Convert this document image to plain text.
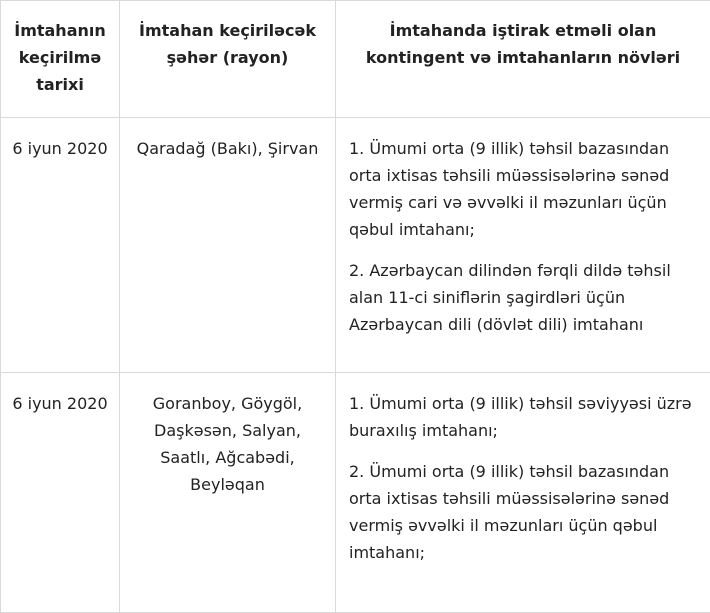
İmtahanın keçirilmə tarixi	İmtahan keçiriləcək şəhər (rayon)	İmtahanda iştirak etməli olan kontingent və imtahanların növləri
6 iyun 2020	Qaradağ (Bakı), Şirvan	1. Ümumi orta (9 illik) təhsil bazasından orta ixtisas təhsili müəssisələrinə sənəd vermiş cari və əvvəlki il məzunları üçün qəbul imtahanı;

2. Azərbaycan dilindən fərqli dildə təhsil alan 11-ci siniflərin şagirdləri üçün Azərbaycan dili (dövlət dili) imtahanı

6 iyun 2020	Goranboy, Göygöl, Daşkəsən, Salyan, Saatlı, Ağcabədi, Beyləqan	1. Ümumi orta (9 illik) təhsil səviyyəsi üzrə buraxılış imtahanı;

2. Ümumi orta (9 illik) təhsil bazasından orta ixtisas təhsili müəssisələrinə sənəd vermiş əvvəlki il məzunları üçün qəbul imtahanı;
